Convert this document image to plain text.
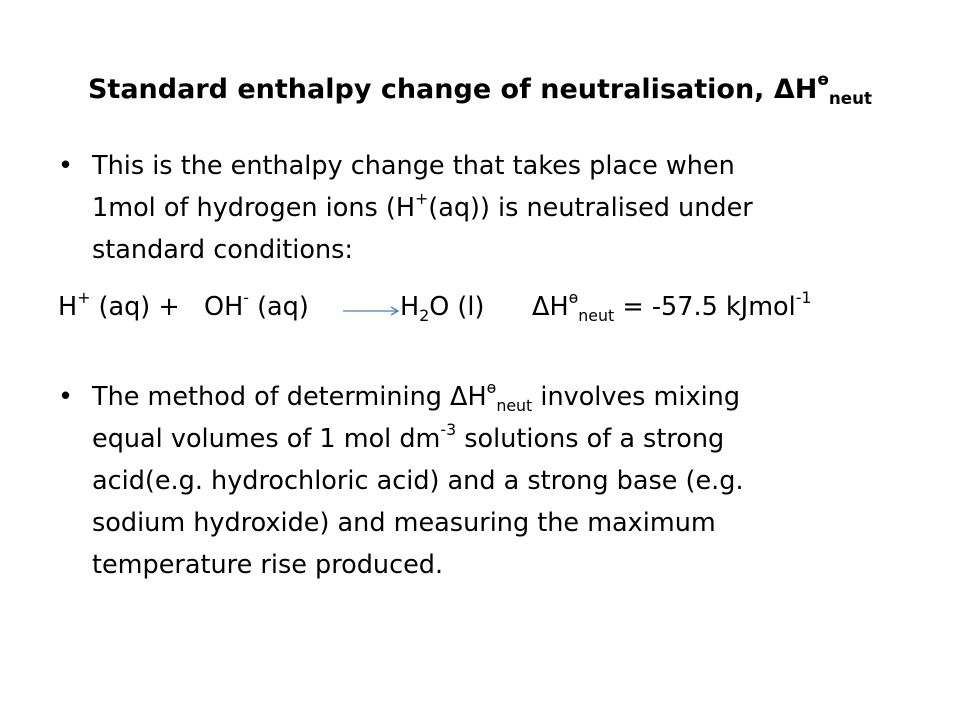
Standard enthalpy change of neutralisation, $\Delta H^ө_{neut}$
• This is the enthalpy change that takes place when
1mol of hydrogen ions (H+(aq)) is neutralised under
standard conditions:
H+ (aq) + OH- $(aq) \to H_2O$ (l) $\Delta H^ө_{neut} = -57.5$ kJmol$^{-1}$
• The method of determining $\Delta H^ө_{neut}$ involves mixing
equal volumes of 1 mol $dm^{-3}$ solutions of a strong
acid(e.g. hydrochloric acid) and a strong base (e.g.
sodium hydroxide) and measuring the maximum
temperature rise produced.
